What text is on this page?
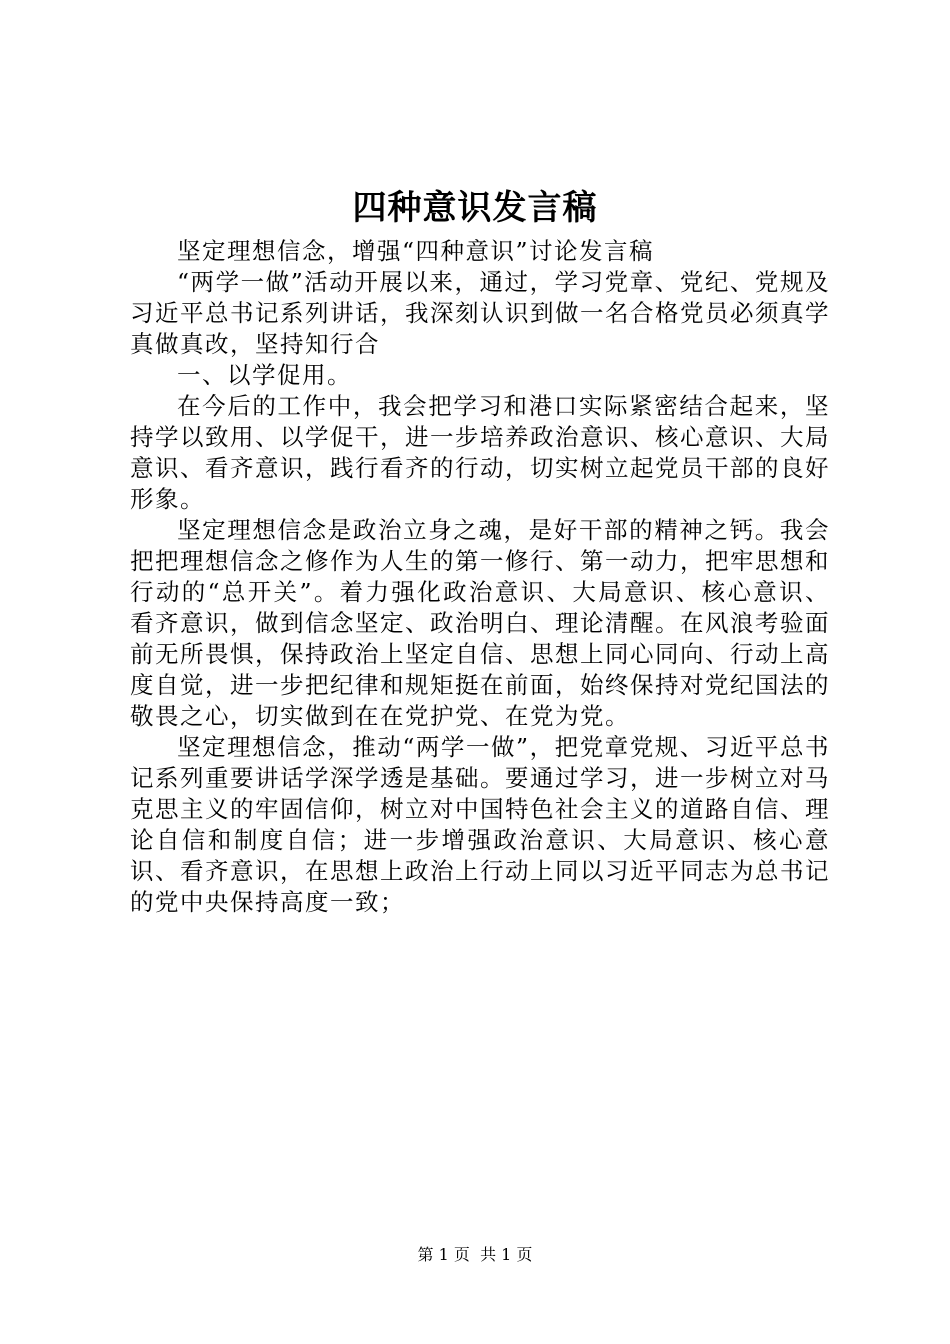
四种意识发言稿

坚定理想信念，增强“四种意识”讨论发言稿

“两学一做”活动开展以来，通过，学习党章、党纪、党规及习近平总书记系列讲话，我深刻认识到做一名合格党员必须真学真做真改，坚持知行合

一、以学促用。

在今后的工作中，我会把学习和港口实际紧密结合起来，坚持学以致用、以学促干，进一步培养政治意识、核心意识、大局意识、看齐意识，践行看齐的行动，切实树立起党员干部的良好形象。

坚定理想信念是政治立身之魂，是好干部的精神之钙。我会把把理想信念之修作为人生的第一修行、第一动力，把牢思想和行动的“总开关”。着力强化政治意识、大局意识、核心意识、看齐意识，做到信念坚定、政治明白、理论清醒。在风浪考验面前无所畏惧，保持政治上坚定自信、思想上同心同向、行动上高度自觉，进一步把纪律和规矩挺在前面，始终保持对党纪国法的敬畏之心，切实做到在在党护党、在党为党。

坚定理想信念，推动“两学一做”，把党章党规、习近平总书记系列重要讲话学深学透是基础。要通过学习，进一步树立对马克思主义的牢固信仰，树立对中国特色社会主义的道路自信、理论自信和制度自信；进一步增强政治意识、大局意识、核心意识、看齐意识，在思想上政治上行动上同以习近平同志为总书记的党中央保持高度一致；

第 1 页  共 1 页
